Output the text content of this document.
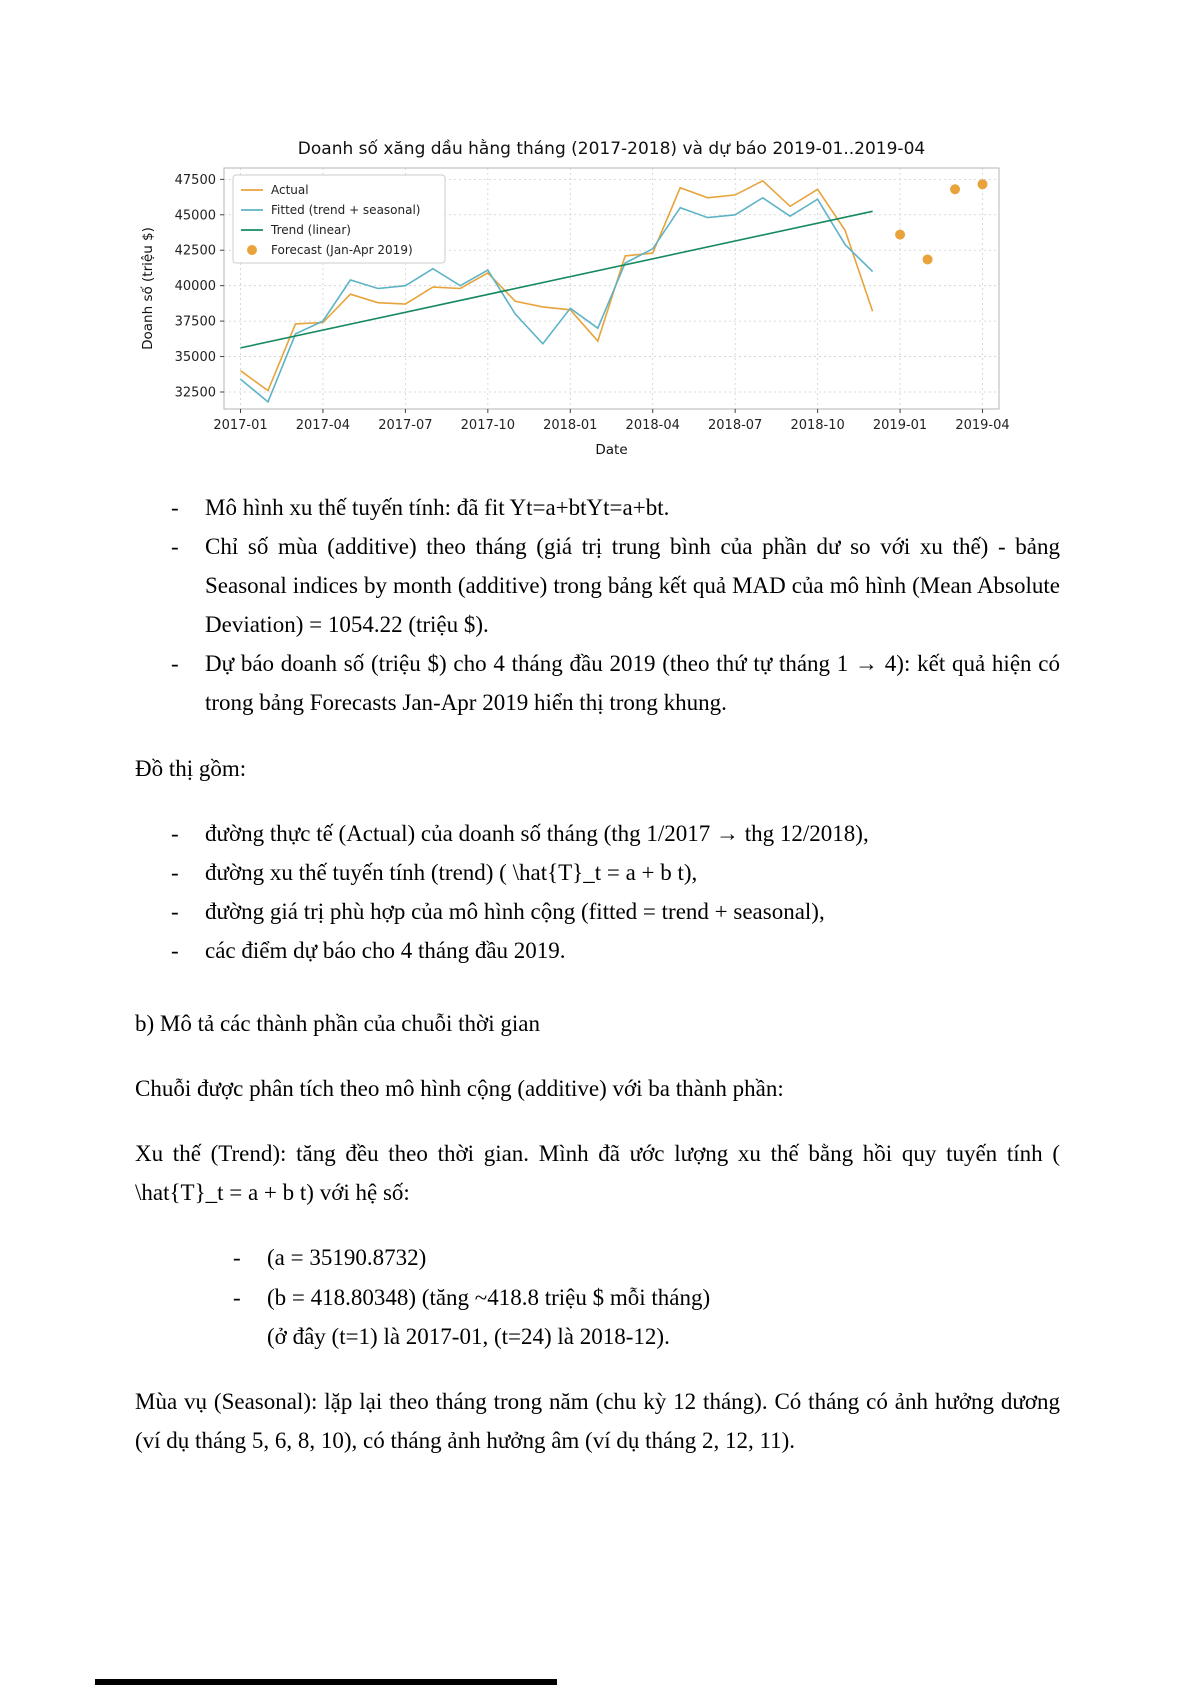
32500
35000
37500
40000
42500
45000
47500
2017-01 2017-04 2017-07 2017-10 2018-01 2018-04 2018-07 2018-10 2019-01 2019-04
Doanh số xăng dầu hằng tháng (2017-2018) và dự báo 2019-01..2019-04
Date
Doanh số (triệu $)
Actual
Fitted (trend + seasonal)
Trend (linear)
Forecast (Jan-Apr 2019)
- Mô hình xu thế tuyến tính: đã fit Yt=a+btYt=a+bt.
- Chỉ số mùa (additive) theo tháng (giá trị trung bình của phần dư so với xu thế) - bảng Seasonal indices by month (additive) trong bảng kết quả MAD của mô hình (Mean Absolute Deviation) = 1054.22 (triệu $).
- Dự báo doanh số (triệu $) cho 4 tháng đầu 2019 (theo thứ tự tháng 1 → 4): kết quả hiện có trong bảng Forecasts Jan-Apr 2019 hiển thị trong khung.

Đồ thị gồm:

- đường thực tế (Actual) của doanh số tháng (thg 1/2017 → thg 12/2018),
- đường xu thế tuyến tính (trend) ( \hat{T}_t = a + b t),
- đường giá trị phù hợp của mô hình cộng (fitted = trend + seasonal),
- các điểm dự báo cho 4 tháng đầu 2019.

b) Mô tả các thành phần của chuỗi thời gian

Chuỗi được phân tích theo mô hình cộng (additive) với ba thành phần:

Xu thế (Trend): tăng đều theo thời gian. Mình đã ước lượng xu thế bằng hồi quy tuyến tính ( \hat{T}_t = a + b t) với hệ số:

- (a = 35190.8732)
- (b = 418.80348) (tăng ~418.8 triệu $ mỗi tháng)

(ở đây (t=1) là 2017-01, (t=24) là 2018-12).

Mùa vụ (Seasonal): lặp lại theo tháng trong năm (chu kỳ 12 tháng). Có tháng có ảnh hưởng dương (ví dụ tháng 5, 6, 8, 10), có tháng ảnh hưởng âm (ví dụ tháng 2, 12, 11).
